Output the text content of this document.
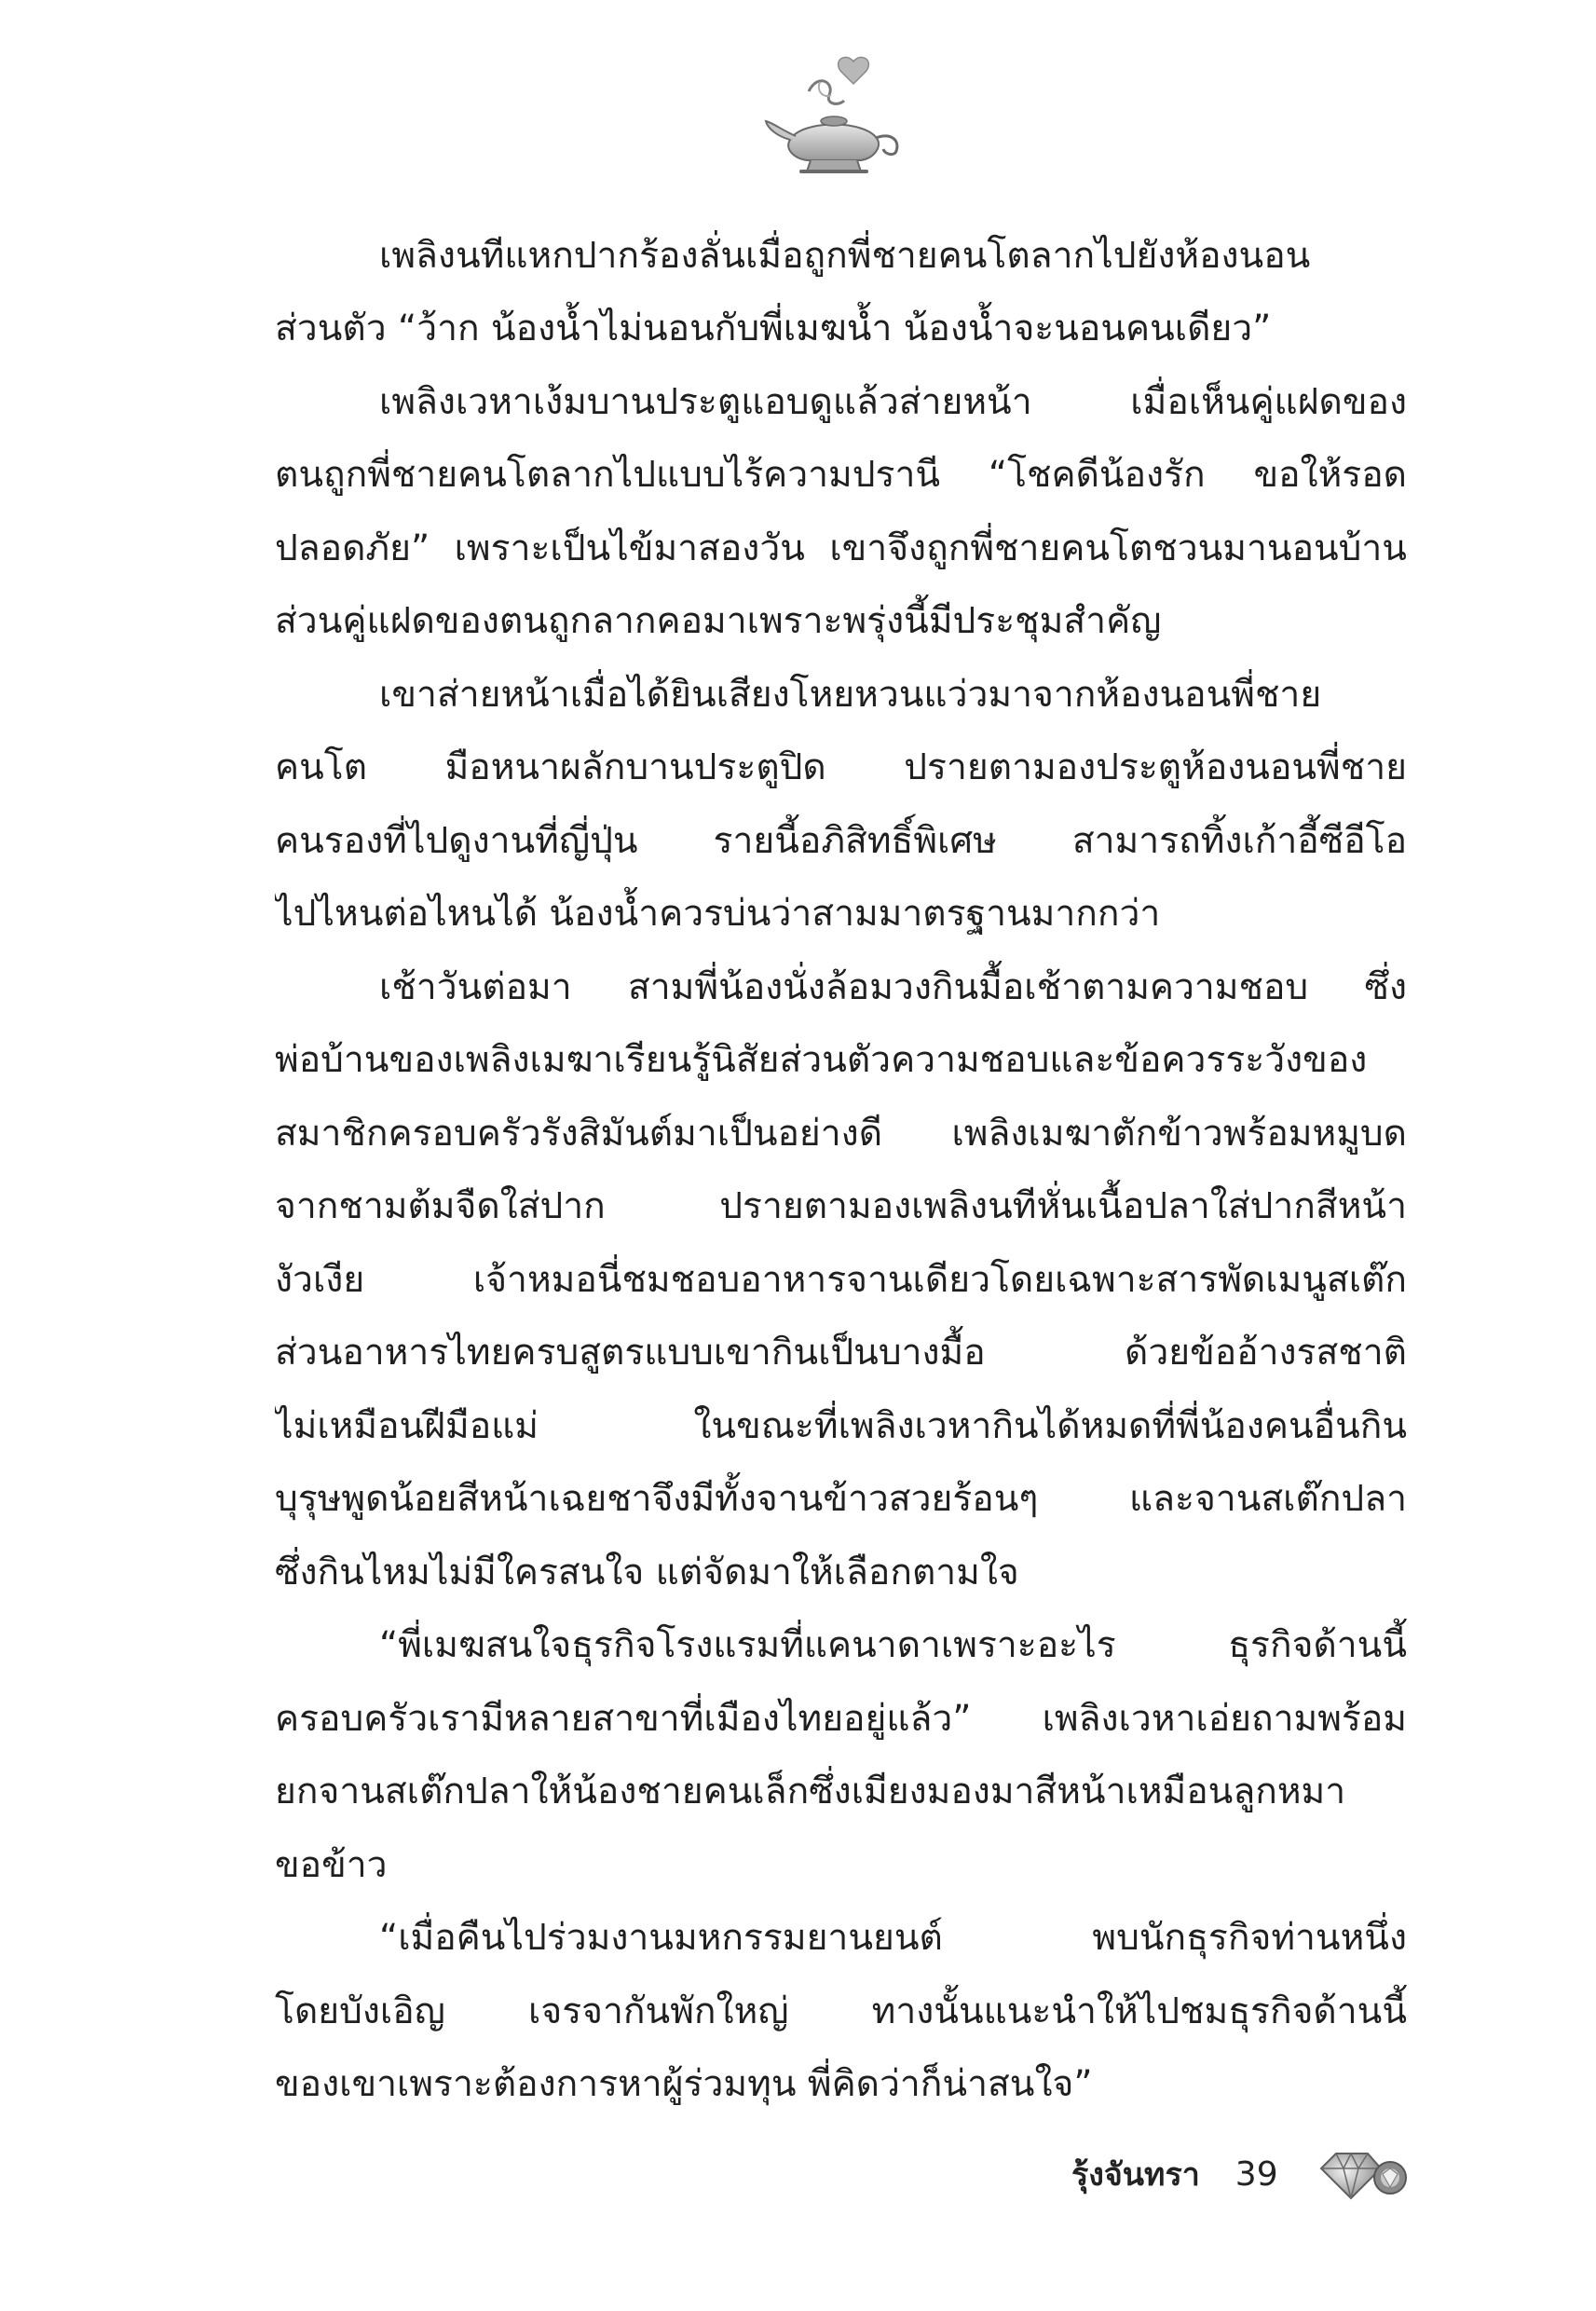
เพลิงนทีแหกปากร้องลั่นเมื่อถูกพี่ชายคนโตลากไปยังห้องนอน
ส่วนตัว “ว้าก น้องน้ำไม่นอนกับพี่เมฆน้ำ น้องน้ำจะนอนคนเดียว”
เพลิงเวหาเง้มบานประตูแอบดูแล้วส่ายหน้า	เมื่อเห็นคู่แฝดของ
ตนถูกพี่ชายคนโตลากไปแบบไร้ความปรานี “โชคดีน้องรัก ขอให้รอด
ปลอดภัย” เพราะเป็นไข้มาสองวัน เขาจึงถูกพี่ชายคนโตชวนมานอนบ้าน
ส่วนคู่แฝดของตนถูกลากคอมาเพราะพรุ่งนี้มีประชุมสำคัญ
เขาส่ายหน้าเมื่อได้ยินเสียงโหยหวนแว่วมาจากห้องนอนพี่ชาย
คนโต มือหนาผลักบานประตูปิด ปรายตามองประตูห้องนอนพี่ชาย
คนรองที่ไปดูงานที่ญี่ปุ่น รายนี้อภิสิทธิ์พิเศษ สามารถทิ้งเก้าอี้ซีอีโอ
ไปไหนต่อไหนได้ น้องน้ำควรบ่นว่าสามมาตรฐานมากกว่า
เช้าวันต่อมา สามพี่น้องนั่งล้อมวงกินมื้อเช้าตามความชอบ ซึ่ง
พ่อบ้านของเพลิงเมฆาเรียนรู้นิสัยส่วนตัวความชอบและข้อควรระวังของ
สมาชิกครอบครัวรังสิมันต์มาเป็นอย่างดี เพลิงเมฆาตักข้าวพร้อมหมูบด
จากชามต้มจืดใส่ปาก	ปรายตามองเพลิงนทีหั่นเนื้อปลาใส่ปากสีหน้า
งัวเงีย	เจ้าหมอนี่ชมชอบอาหารจานเดียวโดยเฉพาะสารพัดเมนูสเต๊ก
ส่วนอาหารไทยครบสูตรแบบเขากินเป็นบางมื้อ	ด้วยข้ออ้างรสชาติ
ไม่เหมือนฝีมือแม่	ในขณะที่เพลิงเวหากินได้หมดที่พี่น้องคนอื่นกิน
บุรุษพูดน้อยสีหน้าเฉยชาจึงมีทั้งจานข้าวสวยร้อนๆ	และจานสเต๊กปลา
ซึ่งกินไหมไม่มีใครสนใจ แต่จัดมาให้เลือกตามใจ
“พี่เมฆสนใจธุรกิจโรงแรมที่แคนาดาเพราะอะไร	ธุรกิจด้านนี้
ครอบครัวเรามีหลายสาขาที่เมืองไทยอยู่แล้ว” เพลิงเวหาเอ่ยถามพร้อม
ยกจานสเต๊กปลาให้น้องชายคนเล็กซึ่งเมียงมองมาสีหน้าเหมือนลูกหมา
ขอข้าว
“เมื่อคืนไปร่วมงานมหกรรมยานยนต์	พบนักธุรกิจท่านหนึ่ง
โดยบังเอิญ เจรจากันพักใหญ่ ทางนั้นแนะนำให้ไปชมธุรกิจด้านนี้
ของเขาเพราะต้องการหาผู้ร่วมทุน พี่คิดว่าก็น่าสนใจ”
รุ้งจันทรา 39
